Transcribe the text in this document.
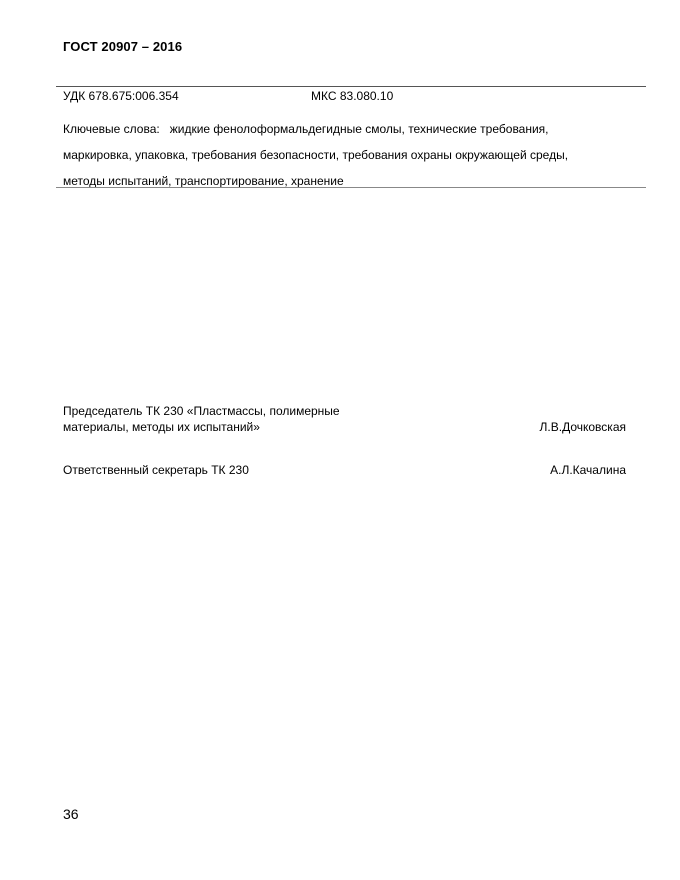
ГОСТ 20907 – 2016
УДК 678.675:006.354	МКС 83.080.10
Ключевые слова: жидкие фенолоформальдегидные смолы, технические требования,
маркировка, упаковка, требования безопасности, требования охраны окружающей среды,
методы испытаний, транспортирование, хранение
Председатель ТК 230 «Пластмассы, полимерные
материалы, методы их испытаний»	Л.В.Дочковская
Ответственный секретарь ТК 230	А.Л.Качалина
36
